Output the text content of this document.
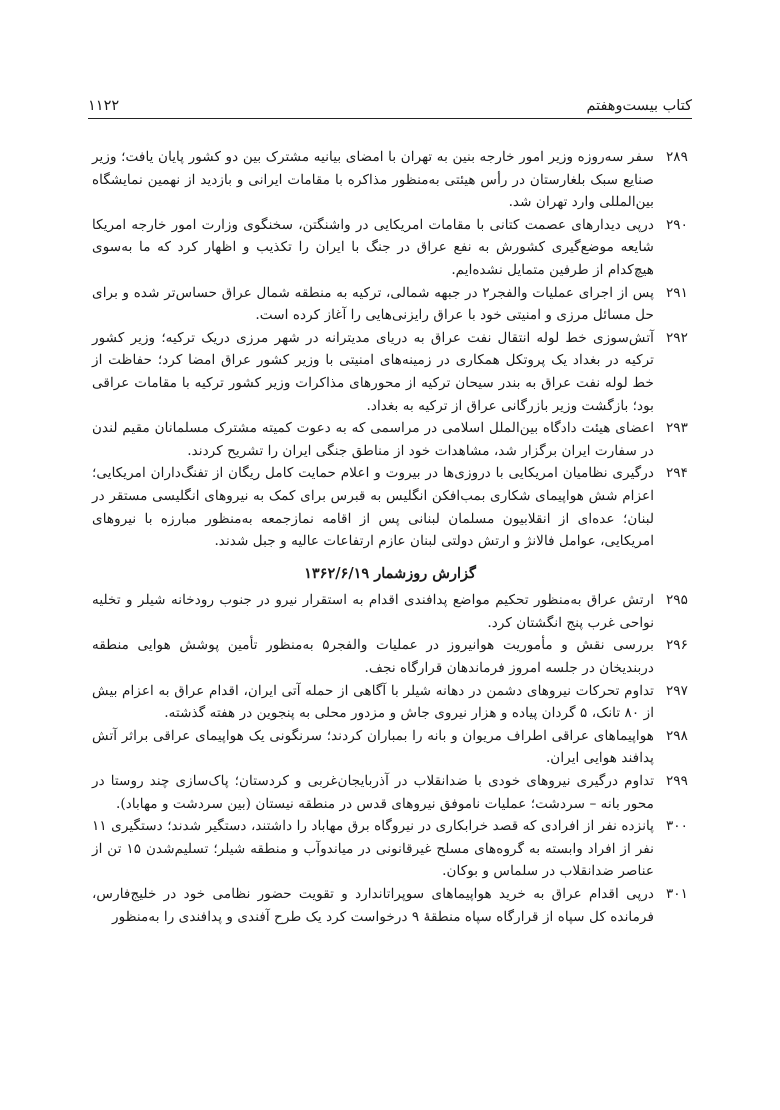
کتاب بیست‌وهفتم
۱۱۲۲
۲۸۹
سفر سه‌روزه وزیر امور خارجه بنین به تهران با امضای بیانیه مشترک بین دو کشور پایان یافت؛ وزیر صنایع سبک بلغارستان در رأس هیئتی به‌منظور مذاکره با مقامات ایرانی و بازدید از نهمین نمایشگاه بین‌المللی وارد تهران شد.
۲۹۰
درپی دیدارهای عصمت کتانی با مقامات امریکایی در واشنگتن، سخنگوی وزارت امور خارجه امریکا شایعه موضع‌گیری کشورش به نفع عراق در جنگ با ایران را تکذیب و اظهار کرد که ما به‌سوی هیچ‌کدام از طرفین متمایل نشده‌ایم.
۲۹۱
پس از اجرای عملیات والفجر۲ در جبهه شمالی، ترکیه به منطقه شمال عراق حساس‌تر شده و برای حل مسائل مرزی و امنیتی خود با عراق رایزنی‌هایی را آغاز کرده است.
۲۹۲
آتش‌سوزی خط لوله انتقال نفت عراق به دریای مدیترانه در شهر مرزی دریک ترکیه؛ وزیر کشور ترکیه در بغداد یک پروتکل همکاری در زمینه‌های امنیتی با وزیر کشور عراق امضا کرد؛ حفاظت از خط لوله نفت عراق به بندر سیحان ترکیه از محورهای مذاکرات وزیر کشور ترکیه با مقامات عراقی بود؛ بازگشت وزیر بازرگانی عراق از ترکیه به بغداد.
۲۹۳
اعضای هیئت دادگاه بین‌الملل اسلامی در مراسمی که به دعوت کمیته مشترک مسلمانان مقیم لندن در سفارت ایران برگزار شد، مشاهدات خود از مناطق جنگی ایران را تشریح کردند.
۲۹۴
درگیری نظامیان امریکایی با دروزی‌ها در بیروت و اعلام حمایت کامل ریگان از تفنگ‌داران امریکایی؛ اعزام شش هواپیمای شکاری بمب‌افکن انگلیس به قبرس برای کمک به نیروهای انگلیسی مستقر در لبنان؛ عده‌ای از انقلابیون مسلمان لبنانی پس از اقامه نمازجمعه به‌منظور مبارزه با نیروهای امریکایی، عوامل فالانژ و ارتش دولتی لبنان عازم ارتفاعات عالیه و جبل شدند.
گزارش روزشمار ۱۳۶۲/۶/۱۹
۲۹۵
ارتش عراق به‌منظور تحکیم مواضع پدافندی اقدام به استقرار نیرو در جنوب رودخانه شیلر و تخلیه نواحی غرب پنج انگشتان کرد.
۲۹۶
بررسی نقش و مأموریت هوانیروز در عملیات والفجر۵ به‌منظور تأمین پوشش هوایی منطقه دربندیخان در جلسه امروز فرماندهان قرارگاه نجف.
۲۹۷
تداوم تحرکات نیروهای دشمن در دهانه شیلر با آگاهی از حمله آتی ایران، اقدام عراق به اعزام بیش از ۸۰ تانک، ۵ گردان پیاده و هزار نیروی جاش و مزدور محلی به پنجوین در هفته گذشته.
۲۹۸
هواپیماهای عراقی اطراف مریوان و بانه را بمباران کردند؛ سرنگونی یک هواپیمای عراقی براثر آتش پدافند هوایی ایران.
۲۹۹
تداوم درگیری نیروهای خودی با ضدانقلاب در آذربایجان‌غربی و کردستان؛ پاک‌سازی چند روستا در محور بانه – سردشت؛ عملیات ناموفق نیروهای قدس در منطقه نیستان (بین سردشت و مهاباد).
۳۰۰
پانزده نفر از افرادی که قصد خرابکاری در نیروگاه برق مهاباد را داشتند، دستگیر شدند؛ دستگیری ۱۱ نفر از افراد وابسته به گروه‌های مسلح غیرقانونی در میاندوآب و منطقه شیلر؛ تسلیم‌شدن ۱۵ تن از عناصر ضدانقلاب در سلماس و بوکان.
۳۰۱
درپی اقدام عراق به خرید هواپیماهای سوپراتاندارد و تقویت حضور نظامی خود در خلیج‌فارس، فرمانده کل سپاه از قرارگاه سپاه منطقهٔ ۹ درخواست کرد یک طرح آفندی و پدافندی را به‌منظور
